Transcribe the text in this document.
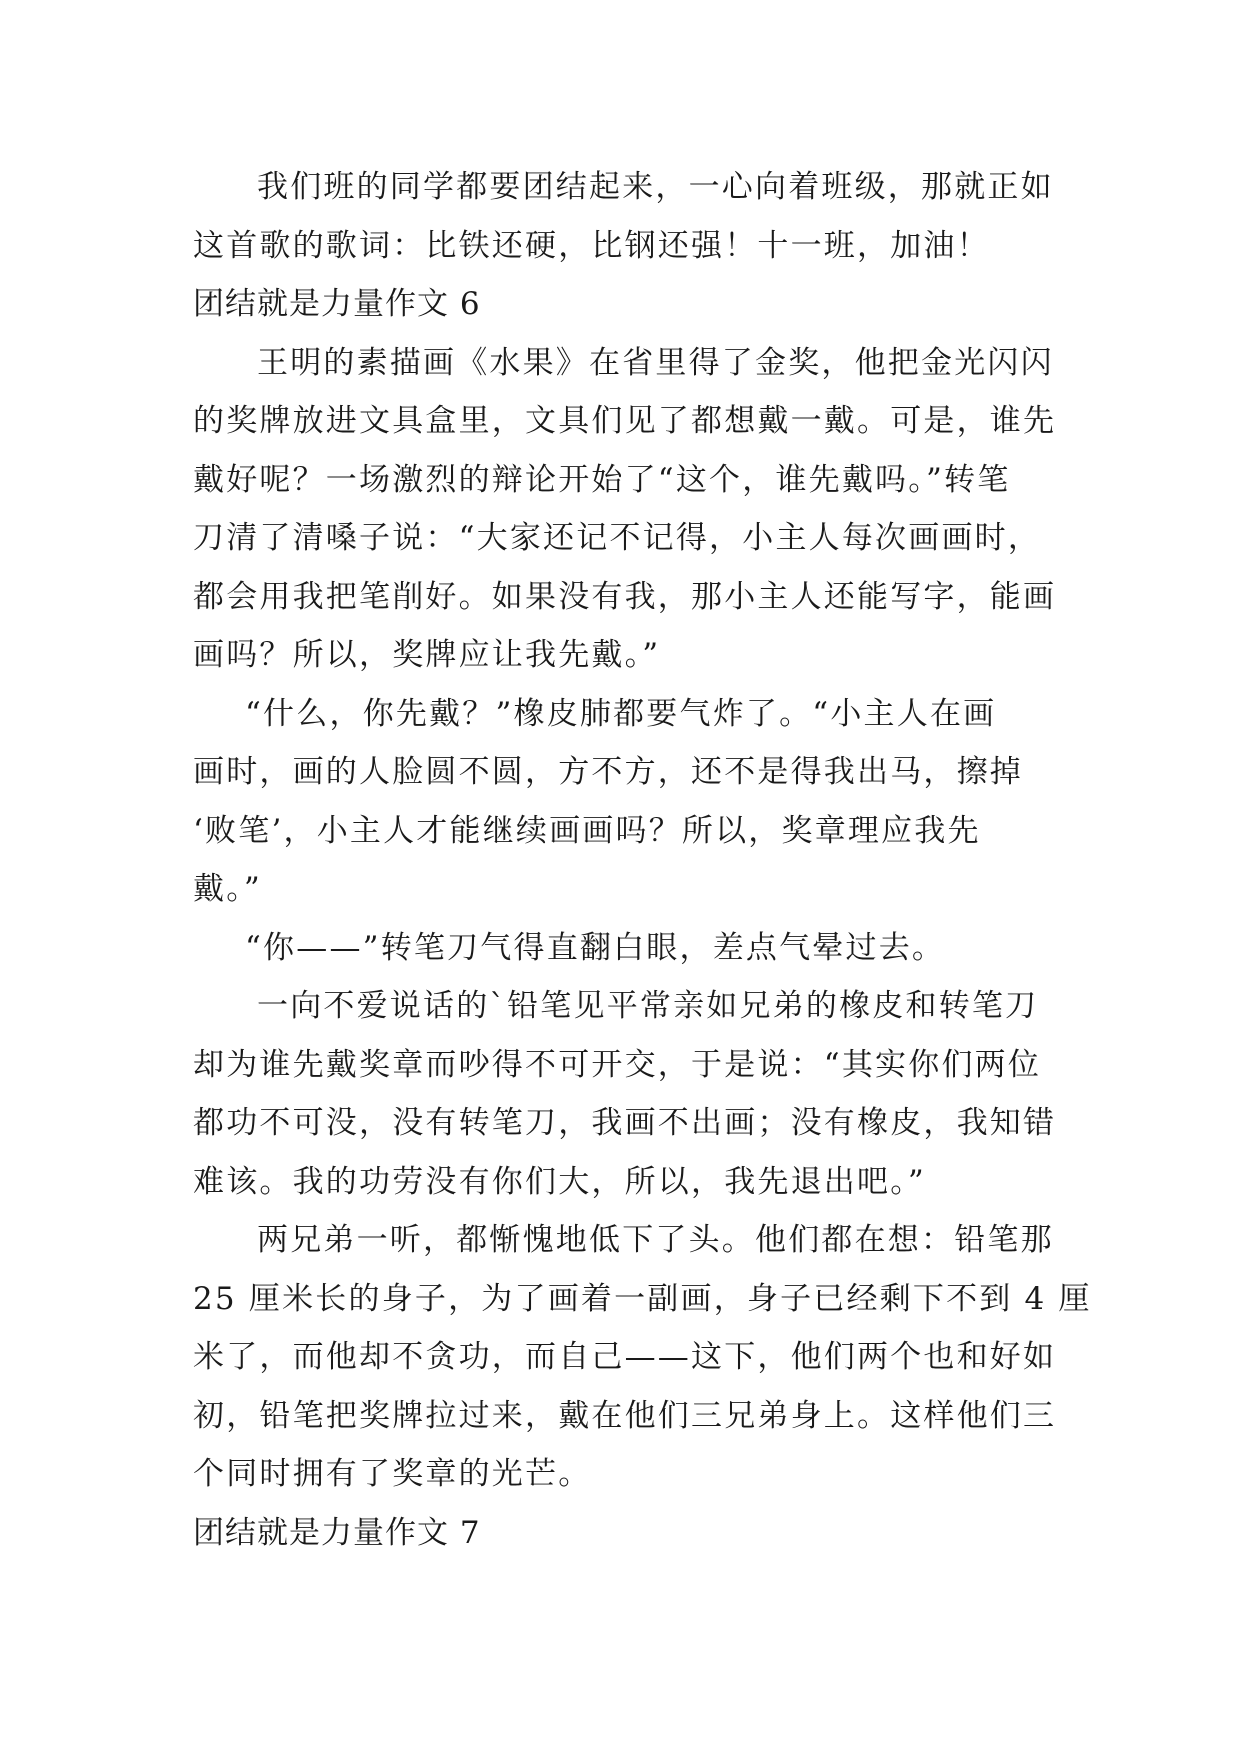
我们班的同学都要团结起来，一心向着班级，那就正如
这首歌的歌词：比铁还硬，比钢还强！十一班，加油！
团结就是力量作文 6
王明的素描画《水果》在省里得了金奖，他把金光闪闪
的奖牌放进文具盒里，文具们见了都想戴一戴。可是，谁先
戴好呢？一场激烈的辩论开始了“这个，谁先戴吗。”转笔
刀清了清嗓子说：“大家还记不记得，小主人每次画画时，
都会用我把笔削好。如果没有我，那小主人还能写字，能画
画吗？所以，奖牌应让我先戴。”
“什么，你先戴？”橡皮肺都要气炸了。“小主人在画
画时，画的人脸圆不圆，方不方，还不是得我出马，擦掉
‘败笔’，小主人才能继续画画吗？所以，奖章理应我先
戴。”
“你——”转笔刀气得直翻白眼，差点气晕过去。
一向不爱说话的`铅笔见平常亲如兄弟的橡皮和转笔刀
却为谁先戴奖章而吵得不可开交，于是说：“其实你们两位
都功不可没，没有转笔刀，我画不出画；没有橡皮，我知错
难该。我的功劳没有你们大，所以，我先退出吧。”
两兄弟一听，都惭愧地低下了头。他们都在想：铅笔那
25 厘米长的身子，为了画着一副画，身子已经剩下不到 4 厘
米了，而他却不贪功，而自己——这下，他们两个也和好如
初，铅笔把奖牌拉过来，戴在他们三兄弟身上。这样他们三
个同时拥有了奖章的光芒。
团结就是力量作文 7
